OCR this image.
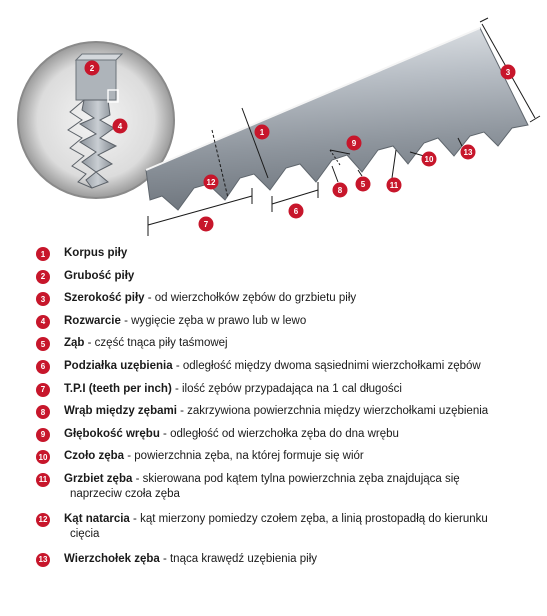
1
2	3
4
5
6
7
8
9
10
11
12
13
1	Korpus piły
2	Grubość piły
3	Szerokość piły - od wierzchołków zębów do grzbietu piły
4	Rozwarcie - wygięcie zęba w prawo lub w lewo
5	Ząb - część tnąca piły taśmowej
6	Podziałka uzębienia - odległość między dwoma sąsiednimi wierzchołkami zębów
7	T.P.I (teeth per inch) - ilość zębów przypadająca na 1 cal długości
8	Wrąb między zębami - zakrzywiona powierzchnia między wierzchołkami uzębienia
9	Głębokość wrębu - odległość od wierzchołka zęba do dna wrębu
10 Czoło zęba - powierzchnia zęba, na której formuje się wiór
11 Grzbiet zęba - skierowana pod kątem tylna powierzchnia zęba znajdująca się
naprzeciw czoła zęba
12 Kąt natarcia - kąt mierzony pomiedzy czołem zęba, a linią prostopadłą do kierunku
cięcia
13 Wierzchołek zęba - tnąca krawędź uzębienia piły
